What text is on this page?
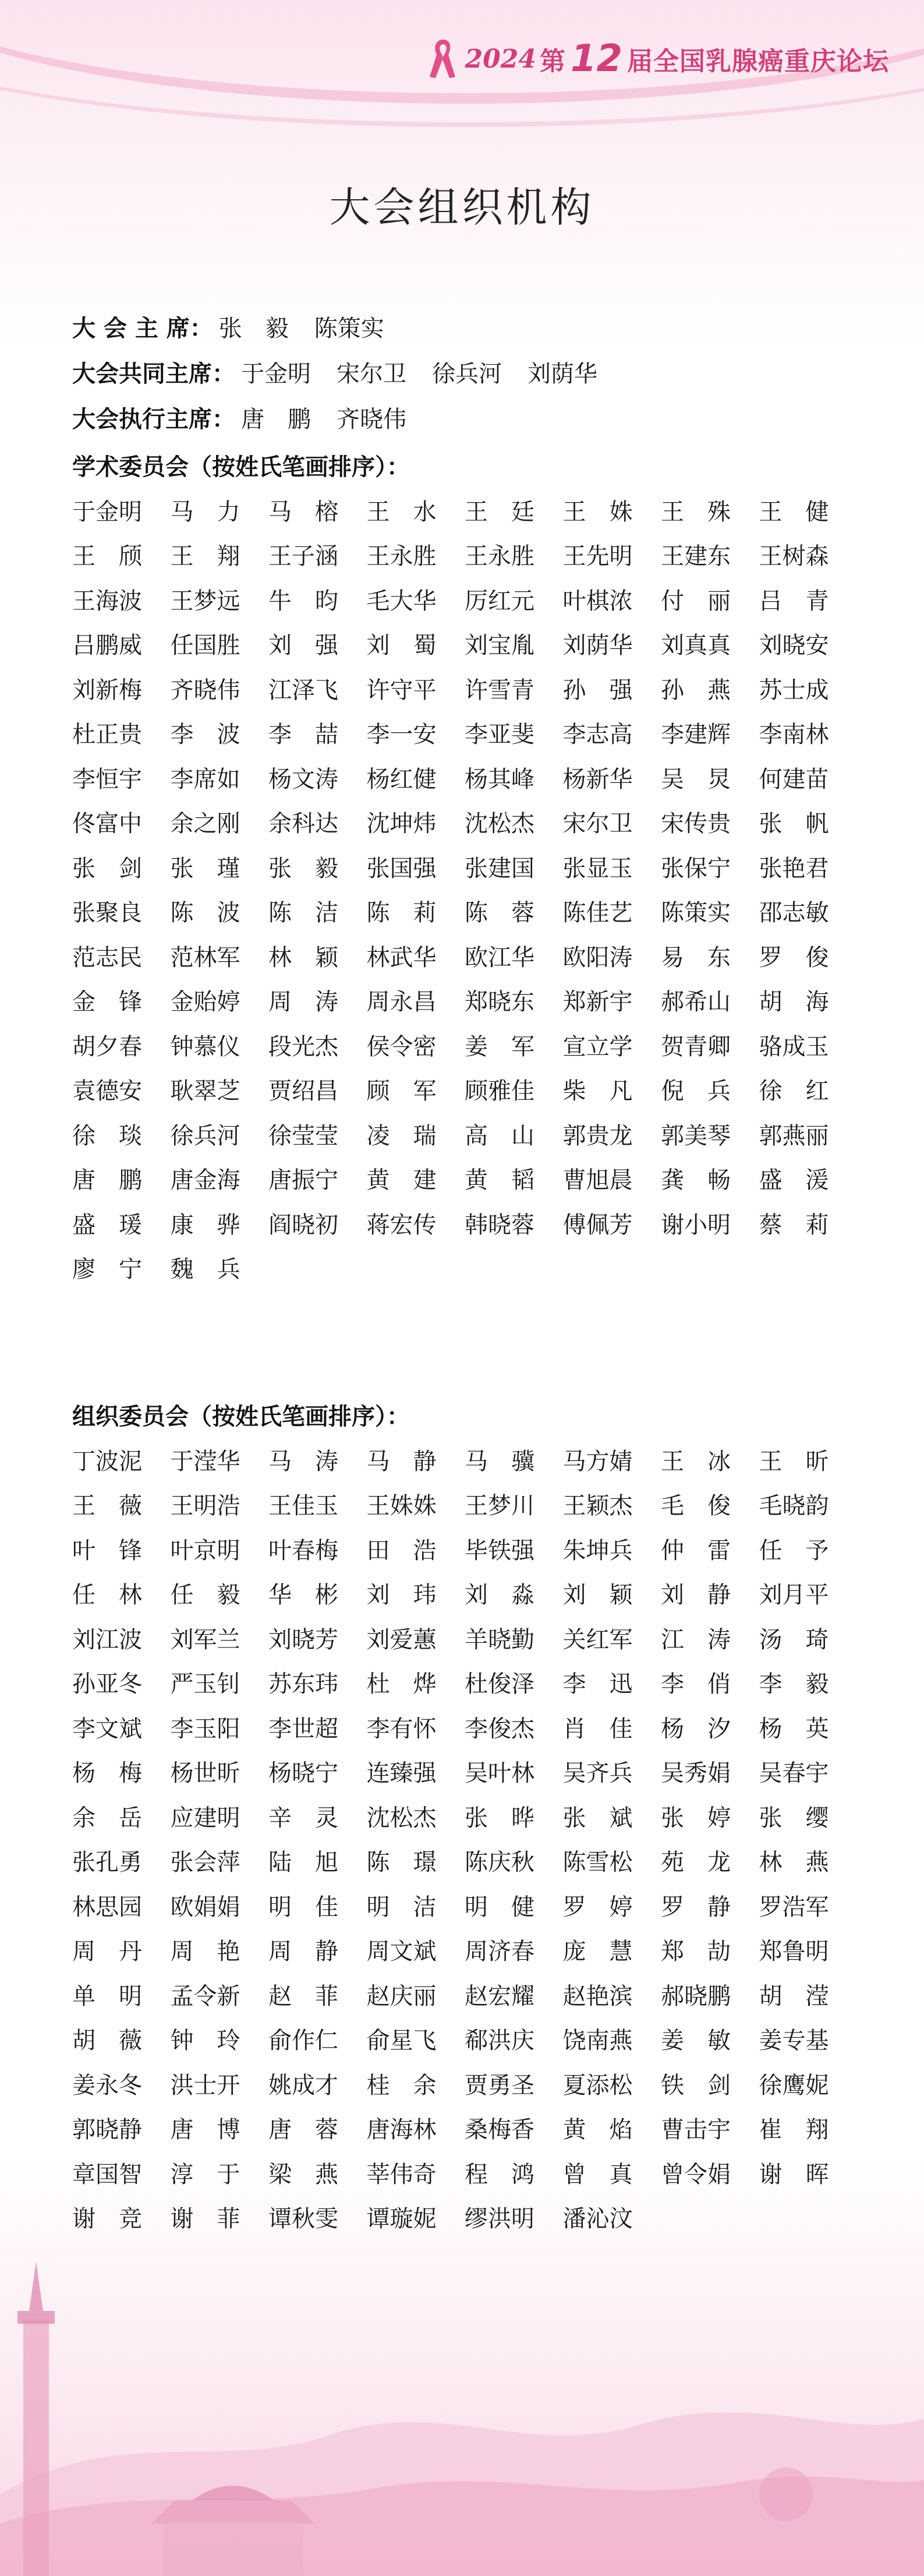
2024 第 12 届全国乳腺癌重庆论坛
大会组织机构
大 会 主 席： 张　毅 陈策实
大会共同主席： 于金明 宋尔卫 徐兵河 刘荫华
大会执行主席： 唐　鹏 齐晓伟
学术委员会（按姓氏笔画排序）：
于金明	马　力	马　榕	王　水	王　廷	王　姝	王　殊	王　健
王　颀	王　翔	王子涵	王永胜	王永胜	王先明	王建东	王树森
王海波	王梦远	牛　昀	毛大华	厉红元	叶棋浓	付　丽	吕　青
吕鹏威	任国胜	刘　强	刘　蜀	刘宝胤	刘荫华	刘真真	刘晓安
刘新梅	齐晓伟	江泽飞	许守平	许雪青	孙　强	孙　燕	苏士成
杜正贵	李　波	李　喆	李一安	李亚斐	李志高	李建辉	李南林
李恒宇	李席如	杨文涛	杨红健	杨其峰	杨新华	吴　炅	何建苗
佟富中	余之刚	余科达	沈坤炜	沈松杰	宋尔卫	宋传贵	张　帆
张　剑	张　瑾	张　毅	张国强	张建国	张显玉	张保宁	张艳君
张聚良	陈　波	陈　洁	陈　莉	陈　蓉	陈佳艺	陈策实	邵志敏
范志民	范林军	林　颖	林武华	欧江华	欧阳涛	易　东	罗　俊
金　锋	金贻婷	周　涛	周永昌	郑晓东	郑新宇	郝希山	胡　海
胡夕春	钟慕仪	段光杰	侯令密	姜　军	宣立学	贺青卿	骆成玉
袁德安	耿翠芝	贾绍昌	顾　军	顾雅佳	柴　凡	倪　兵	徐　红
徐　琰	徐兵河	徐莹莹	凌　瑞	高　山	郭贵龙	郭美琴	郭燕丽
唐　鹏	唐金海	唐振宁	黄　建	黄　韬	曹旭晨	龚　畅	盛　湲
盛　瑗	康　骅	阎晓初	蒋宏传	韩晓蓉	傅佩芳	谢小明	蔡　莉
廖　宁	魏　兵
组织委员会（按姓氏笔画排序）：
丁波泥	于滢华	马　涛	马　静	马　骥	马方婧	王　冰	王　昕
王　薇	王明浩	王佳玉	王姝姝	王梦川	王颖杰	毛　俊	毛晓韵
叶　锋	叶京明	叶春梅	田　浩	毕铁强	朱坤兵	仲　雷	任　予
任　林	任　毅	华　彬	刘　玮	刘　淼	刘　颖	刘　静	刘月平
刘江波	刘军兰	刘晓芳	刘爱蕙	羊晓勤	关红军	江　涛	汤　琦
孙亚冬	严玉钊	苏东玮	杜　烨	杜俊泽	李　迅	李　俏	李　毅
李文斌	李玉阳	李世超	李有怀	李俊杰	肖　佳	杨　汐	杨　英
杨　梅	杨世昕	杨晓宁	连臻强	吴叶林	吴齐兵	吴秀娟	吴春宇
余　岳	应建明	辛　灵	沈松杰	张　晔	张　斌	张　婷	张　缨
张孔勇	张会萍	陆　旭	陈　璟	陈庆秋	陈雪松	苑　龙	林　燕
林思园	欧娟娟	明　佳	明　洁	明　健	罗　婷	罗　静	罗浩军
周　丹	周　艳	周　静	周文斌	周济春	庞　慧	郑　劼	郑鲁明
单　明	孟令新	赵　菲	赵庆丽	赵宏耀	赵艳滨	郝晓鹏	胡　滢
胡　薇	钟　玲	俞作仁	俞星飞	郗洪庆	饶南燕	姜　敏	姜专基
姜永冬	洪士开	姚成才	桂　余	贾勇圣	夏添松	铁　剑	徐鹰妮
郭晓静	唐　博	唐　蓉	唐海林	桑梅香	黄　焰	曹击宇	崔　翔
章国智	淳　于	梁　燕	莘伟奇	程　鸿	曾　真	曾令娟	谢　晖
谢　竞	谢　菲	谭秋雯	谭璇妮	缪洪明	潘沁汶
